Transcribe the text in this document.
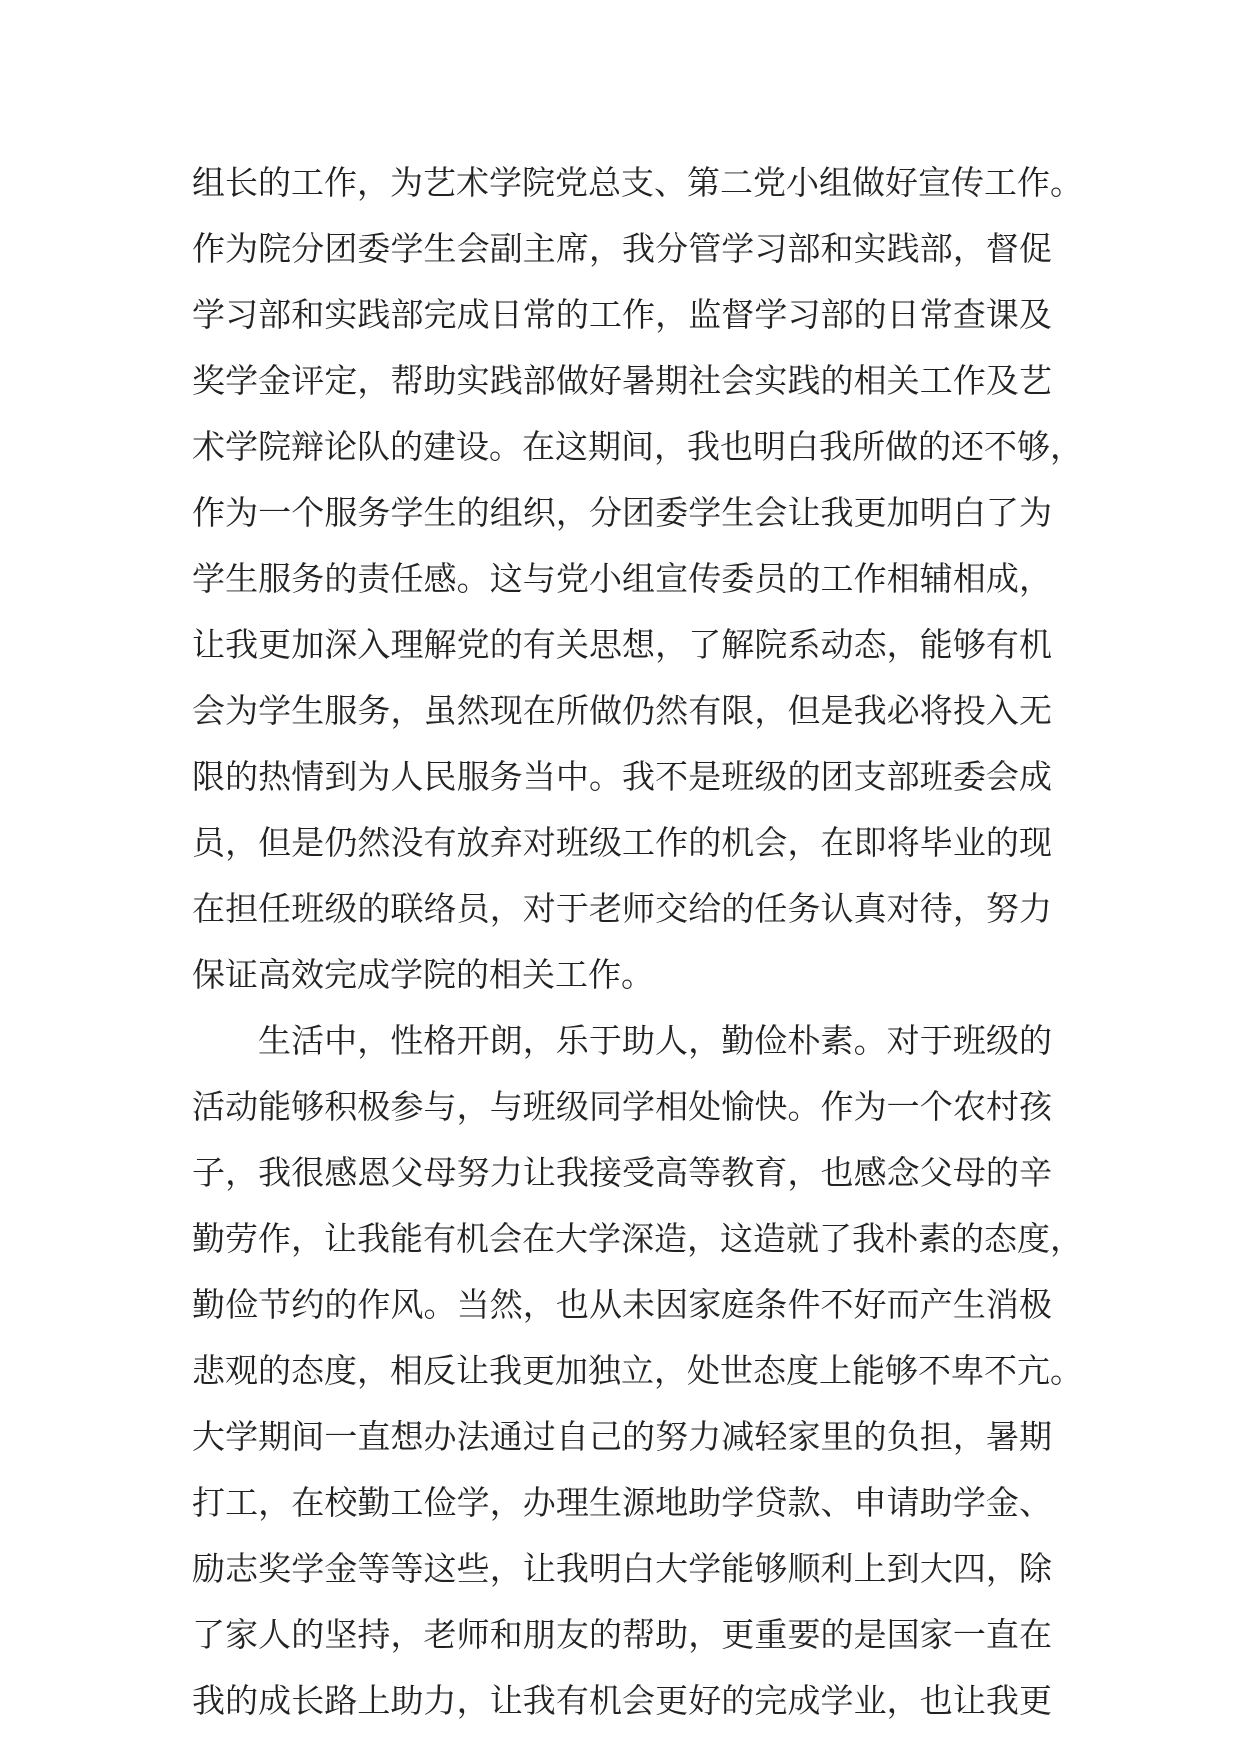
组长的工作，为艺术学院党总支、第二党小组做好宣传工作。
作为院分团委学生会副主席，我分管学习部和实践部，督促
学习部和实践部完成日常的工作，监督学习部的日常查课及
奖学金评定，帮助实践部做好暑期社会实践的相关工作及艺
术学院辩论队的建设。在这期间，我也明白我所做的还不够，
作为一个服务学生的组织，分团委学生会让我更加明白了为
学生服务的责任感。这与党小组宣传委员的工作相辅相成，
让我更加深入理解党的有关思想，了解院系动态，能够有机
会为学生服务，虽然现在所做仍然有限，但是我必将投入无
限的热情到为人民服务当中。我不是班级的团支部班委会成
员，但是仍然没有放弃对班级工作的机会，在即将毕业的现
在担任班级的联络员，对于老师交给的任务认真对待，努力
保证高效完成学院的相关工作。
生活中，性格开朗，乐于助人，勤俭朴素。对于班级的
活动能够积极参与，与班级同学相处愉快。作为一个农村孩
子，我很感恩父母努力让我接受高等教育，也感念父母的辛
勤劳作，让我能有机会在大学深造，这造就了我朴素的态度，
勤俭节约的作风。当然，也从未因家庭条件不好而产生消极
悲观的态度，相反让我更加独立，处世态度上能够不卑不亢。
大学期间一直想办法通过自己的努力减轻家里的负担，暑期
打工，在校勤工俭学，办理生源地助学贷款、申请助学金、
励志奖学金等等这些，让我明白大学能够顺利上到大四，除
了家人的坚持，老师和朋友的帮助，更重要的是国家一直在
我的成长路上助力，让我有机会更好的完成学业，也让我更
